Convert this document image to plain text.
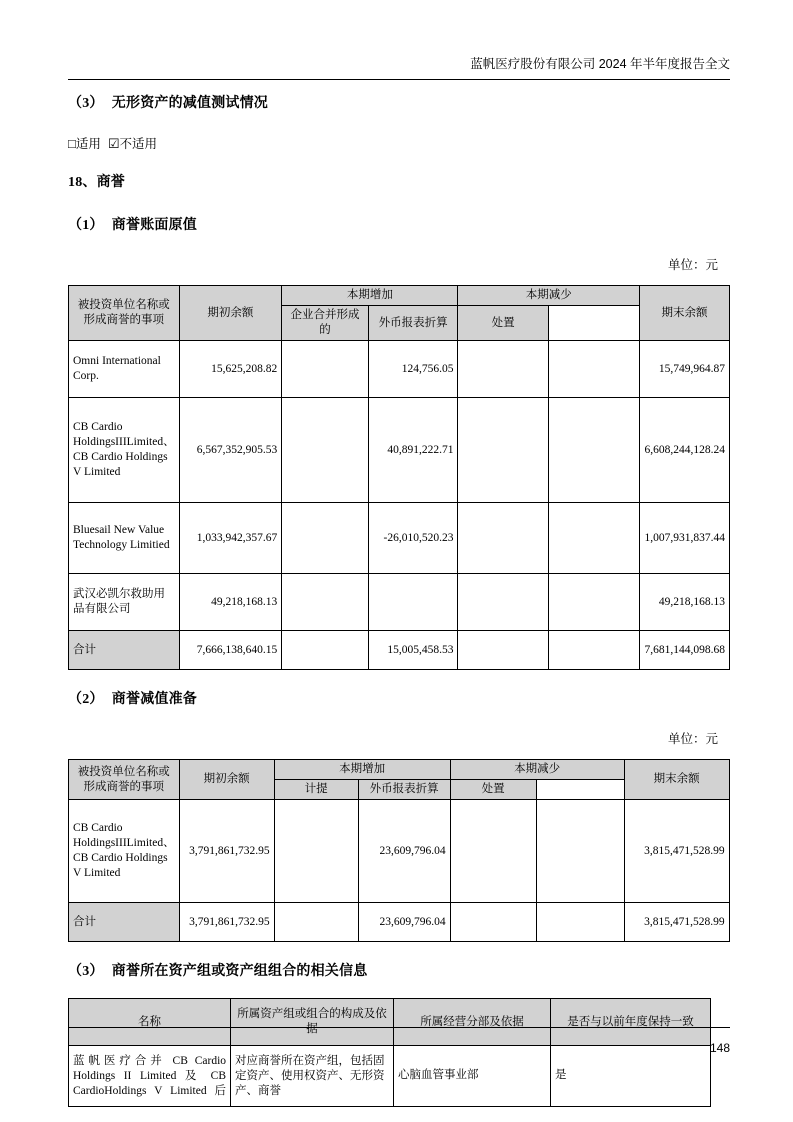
蓝帆医疗股份有限公司 2024 年半年度报告全文
（3） 无形资产的减值测试情况
□适用 ☑不适用
18、商誉
（1） 商誉账面原值
单位：元
被投资单位名称或形成商誉的事项	期初余额	本期增加		本期减少		期末余额
		企业合并形成的	外币报表折算	处置		
Omni International Corp.	15,625,208.82		124,756.05			15,749,964.87
CB Cardio HoldingsIIILimited、CB Cardio Holdings V Limited	6,567,352,905.53		40,891,222.71			6,608,244,128.24
Bluesail New Value Technology Limitied	1,033,942,357.67		-26,010,520.23			1,007,931,837.44
武汉必凯尔救助用品有限公司	49,218,168.13					49,218,168.13
合计	7,666,138,640.15		15,005,458.53			7,681,144,098.68
（2） 商誉减值准备
单位：元
被投资单位名称或形成商誉的事项	期初余额	本期增加		本期减少		期末余额
		计提	外币报表折算	处置		
CB Cardio HoldingsIIILimited、CB Cardio Holdings V Limited	3,791,861,732.95		23,609,796.04			3,815,471,528.99
合计	3,791,861,732.95		23,609,796.04			3,815,471,528.99
（3） 商誉所在资产组或资产组组合的相关信息
名称	所属资产组或组合的构成及依据	所属经营分部及依据	是否与以前年度保持一致
蓝帆医疗合并 CB Cardio Holdings II Limited 及 CB CardioHoldings V Limited 后	对应商誉所在资产组，包括固定资产、使用权资产、无形资产、商誉	心脑血管事业部	是
148
